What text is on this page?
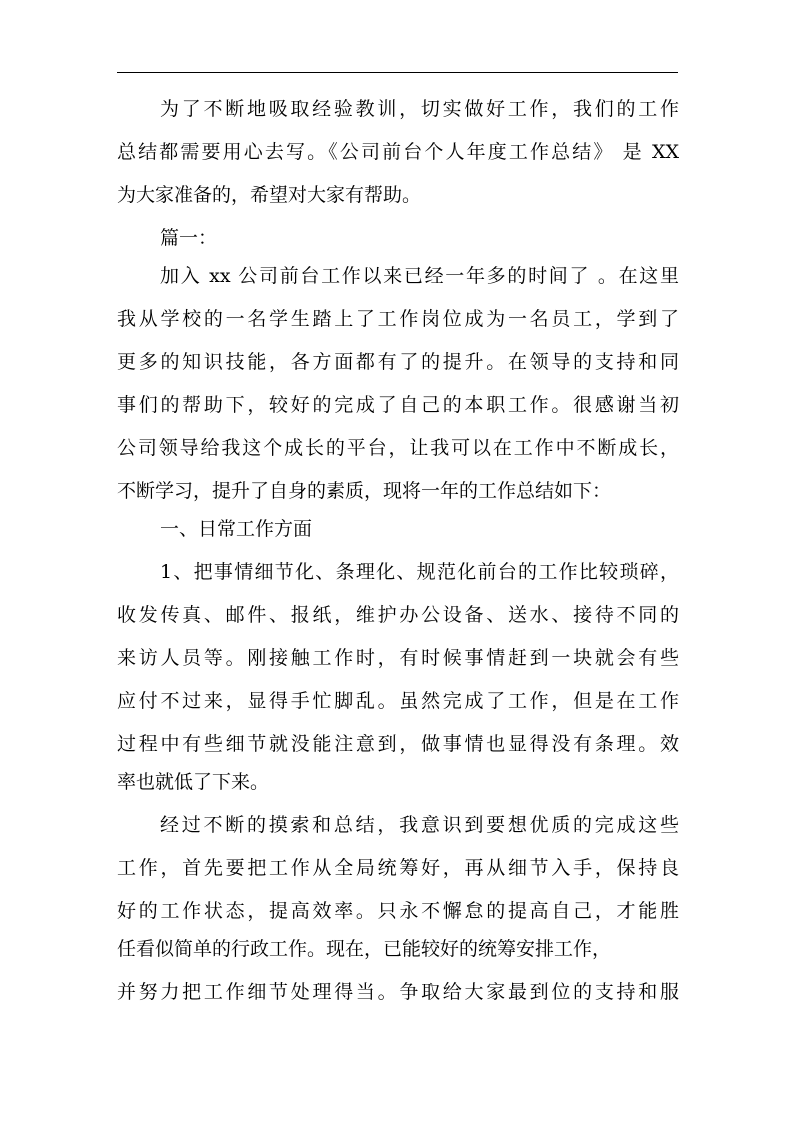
为了不断地吸取经验教训，切实做好工作，我们的工作
总结都需要用心去写。《公司前台个人年度工作总结》 是 XX
为大家准备的，希望对大家有帮助。
篇一：
加入 xx 公司前台工作以来已经一年多的时间了 。在这里
我从学校的一名学生踏上了工作岗位成为一名员工，学到了
更多的知识技能，各方面都有了的提升。在领导的支持和同
事们的帮助下，较好的完成了自己的本职工作。很感谢当初
公司领导给我这个成长的平台，让我可以在工作中不断成长，
不断学习，提升了自身的素质，现将一年的工作总结如下：
一、日常工作方面
1、把事情细节化、条理化、规范化前台的工作比较琐碎，
收发传真、邮件、报纸，维护办公设备、送水、接待不同的
来访人员等。刚接触工作时，有时候事情赶到一块就会有些
应付不过来，显得手忙脚乱。虽然完成了工作，但是在工作
过程中有些细节就没能注意到，做事情也显得没有条理。效
率也就低了下来。
经过不断的摸索和总结，我意识到要想优质的完成这些
工作，首先要把工作从全局统筹好，再从细节入手，保持良
好的工作状态，提高效率。只永不懈怠的提高自己，才能胜
任看似简单的行政工作。现在，已能较好的统筹安排工作，
并努力把工作细节处理得当。争取给大家最到位的支持和服
